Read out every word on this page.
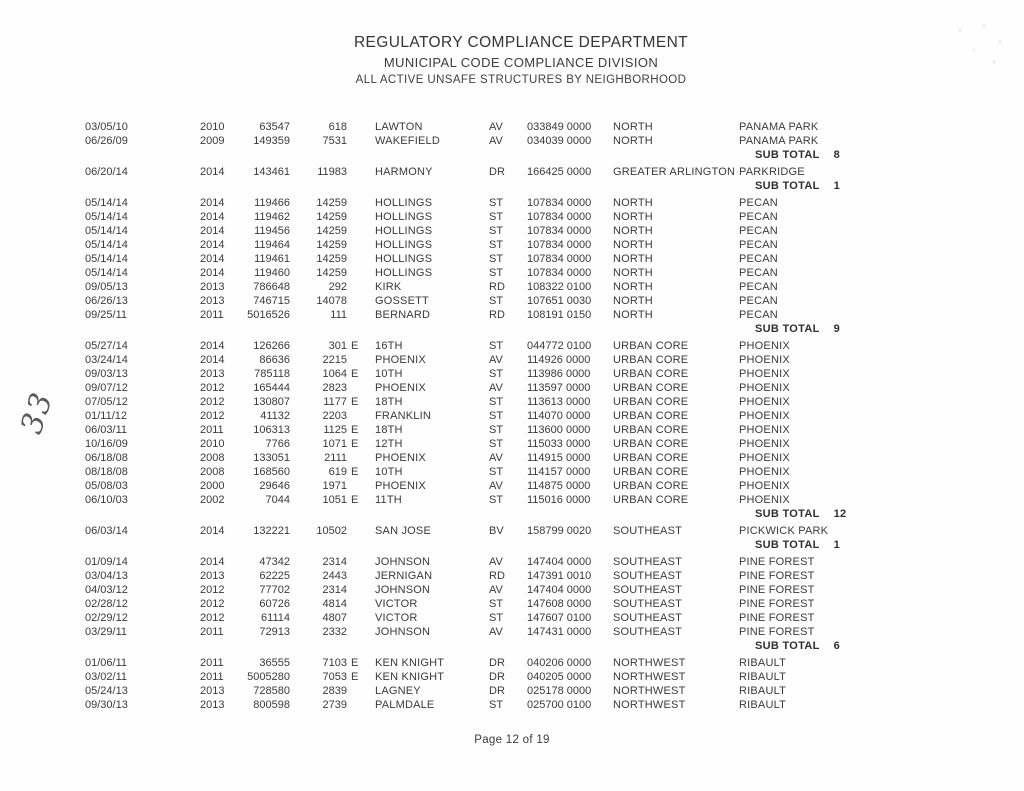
REGULATORY COMPLIANCE DEPARTMENT
MUNICIPAL CODE COMPLIANCE DIVISION
ALL ACTIVE UNSAFE STRUCTURES BY NEIGHBORHOOD
33
03/05/10	2010	63547	618	LAWTON	AV	033849 0000	NORTH	PANAMA PARK
06/26/09	2009	149359	7531	WAKEFIELD	AV	034039 0000	NORTH	PANAMA PARK
SUB TOTAL 8
06/20/14	2014	143461	11983	HARMONY	DR	166425 0000	GREATER ARLINGTON PARKRIDGE
SUB TOTAL 1
05/14/14	2014	119466	14259	HOLLINGS	ST	107834 0000	NORTH	PECAN
05/14/14	2014	119462	14259	HOLLINGS	ST	107834 0000	NORTH	PECAN
05/14/14	2014	119456	14259	HOLLINGS	ST	107834 0000	NORTH	PECAN
05/14/14	2014	119464	14259	HOLLINGS	ST	107834 0000	NORTH	PECAN
05/14/14	2014	119461	14259	HOLLINGS	ST	107834 0000	NORTH	PECAN
05/14/14	2014	119460	14259	HOLLINGS	ST	107834 0000	NORTH	PECAN
09/05/13	2013	786648	292	KIRK	RD	108322 0100	NORTH	PECAN
06/26/13	2013	746715	14078	GOSSETT	ST	107651 0030	NORTH	PECAN
09/25/11	2011	5016526	111	BERNARD	RD	108191 0150	NORTH	PECAN
SUB TOTAL 9
05/27/14	2014	126266	301 E	16TH	ST	044772 0100	URBAN CORE	PHOENIX
03/24/14	2014	86636	2215	PHOENIX	AV	114926 0000	URBAN CORE	PHOENIX
09/03/13	2013	785118	1064 E	10TH	ST	113986 0000	URBAN CORE	PHOENIX
09/07/12	2012	165444	2823	PHOENIX	AV	113597 0000	URBAN CORE	PHOENIX
07/05/12	2012	130807	1177 E	18TH	ST	113613 0000	URBAN CORE	PHOENIX
01/11/12	2012	41132	2203	FRANKLIN	ST	114070 0000	URBAN CORE	PHOENIX
06/03/11	2011	106313	1125 E	18TH	ST	113600 0000	URBAN CORE	PHOENIX
10/16/09	2010	7766	1071 E	12TH	ST	115033 0000	URBAN CORE	PHOENIX
06/18/08	2008	133051	2111	PHOENIX	AV	114915 0000	URBAN CORE	PHOENIX
08/18/08	2008	168560	619 E	10TH	ST	114157 0000	URBAN CORE	PHOENIX
05/08/03	2000	29646	1971	PHOENIX	AV	114875 0000	URBAN CORE	PHOENIX
06/10/03	2002	7044	1051 E	11TH	ST	115016 0000	URBAN CORE	PHOENIX
SUB TOTAL 12
06/03/14	2014	132221	10502	SAN JOSE	BV	158799 0020	SOUTHEAST	PICKWICK PARK
SUB TOTAL 1
01/09/14	2014	47342	2314	JOHNSON	AV	147404 0000	SOUTHEAST	PINE FOREST
03/04/13	2013	62225	2443	JERNIGAN	RD	147391 0010	SOUTHEAST	PINE FOREST
04/03/12	2012	77702	2314	JOHNSON	AV	147404 0000	SOUTHEAST	PINE FOREST
02/28/12	2012	60726	4814	VICTOR	ST	147608 0000	SOUTHEAST	PINE FOREST
02/29/12	2012	61114	4807	VICTOR	ST	147607 0100	SOUTHEAST	PINE FOREST
03/29/11	2011	72913	2332	JOHNSON	AV	147431 0000	SOUTHEAST	PINE FOREST
SUB TOTAL 6
01/06/11	2011	36555	7103 E	KEN KNIGHT	DR	040206 0000	NORTHWEST	RIBAULT
03/02/11	2011	5005280	7053 E	KEN KNIGHT	DR	040205 0000	NORTHWEST	RIBAULT
05/24/13	2013	728580	2839	LAGNEY	DR	025178 0000	NORTHWEST	RIBAULT
09/30/13	2013	800598	2739	PALMDALE	ST	025700 0100	NORTHWEST	RIBAULT
Page 12 of 19
